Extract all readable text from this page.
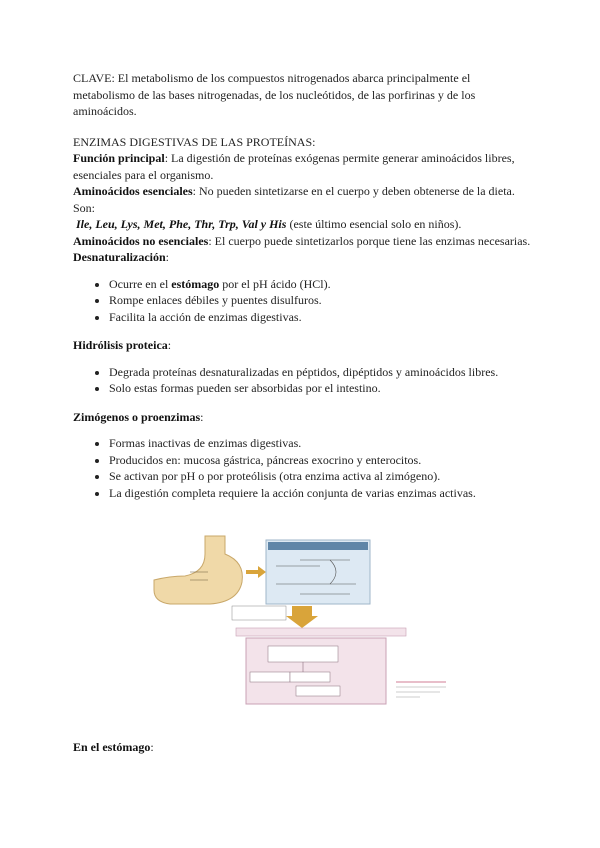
CLAVE: El metabolismo de los compuestos nitrogenados abarca principalmente el metabolismo de las bases nitrogenadas, de los nucleótidos, de las porfirinas y de los aminoácidos.

ENZIMAS DIGESTIVAS DE LAS PROTEÍNAS:

Función principal: La digestión de proteínas exógenas permite generar aminoácidos libres, esenciales para el organismo.

Aminoácidos esenciales: No pueden sintetizarse en el cuerpo y deben obtenerse de la dieta. Son:

Ile, Leu, Lys, Met, Phe, Thr, Trp, Val y His (este último esencial solo en niños).

Aminoácidos no esenciales: El cuerpo puede sintetizarlos porque tiene las enzimas necesarias.

Desnaturalización:

• Ocurre en el estómago por el pH ácido (HCl).
• Rompe enlaces débiles y puentes disulfuros.
• Facilita la acción de enzimas digestivas.

Hidrólisis proteica:

• Degrada proteínas desnaturalizadas en péptidos, dipéptidos y aminoácidos libres.
• Solo estas formas pueden ser absorbidas por el intestino.

Zimógenos o proenzimas:

• Formas inactivas de enzimas digestivas.
• Producidos en: mucosa gástrica, páncreas exocrino y enterocitos.
• Se activan por pH o por proteólisis (otra enzima activa al zimógeno).
• La digestión completa requiere la acción conjunta de varias enzimas activas.

En el estómago:
